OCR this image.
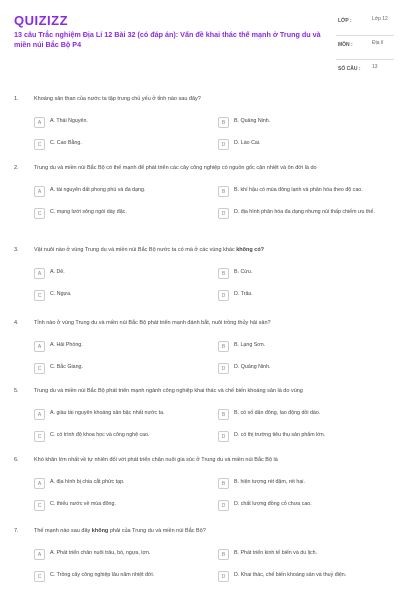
QUIZIZZ
13 câu Trắc nghiệm Địa Lí 12 Bài 32 (có đáp án): Vấn đề khai thác thế mạnh ở Trung du và miền núi Bắc Bộ P4
LỚP :	Lớp 12
MÔN :	Địa lí
SỐ CÂU : 13
1.	Khoáng sản than của nước ta tập trung chủ yếu ở tỉnh nào sau đây?
A	A. Thái Nguyên.	B	B. Quảng Ninh.
C	C. Cao Bằng.	D	D. Lào Cai.
2.	Trung du và miền núi Bắc Bộ có thế mạnh để phát triển các cây công nghiệp có nguồn gốc cận nhiệt và ôn đới là do
A	A. tài nguyên đất phong phú và đa dạng.	B	B. khí hậu có mùa đông lạnh và phân hóa theo độ cao.
C	C. mạng lưới sông ngòi dày đặc.	D	D. địa hình phân hóa đa dạng nhưng núi thấp chiếm ưu thế.
3.	Vật nuôi nào ở vùng Trung du và miền núi Bắc Bộ nước ta có mà ở các vùng khác không có?
A	A. Dê.	B	B. Cừu.
C	C. Ngựa.	D	D. Trâu.
4.	Tỉnh nào ở vùng Trung du và miền núi Bắc Bộ phát triển mạnh đánh bắt, nuôi trồng thủy hải sản?
A	A. Hải Phòng.	B	B. Lạng Sơn.
C	C. Bắc Giang.	D	D. Quảng Ninh.
5.	Trung du và miền núi Bắc Bộ phát triển mạnh ngành công nghiệp khai thác và chế biến khoáng sản là do vùng
A	A. giàu tài nguyên khoáng sản bậc nhất nước ta.	B	B. có số dân đông, lao động dồi dào.
C	C. có trình độ khoa học và công nghệ cao.	D	D. có thị trường tiêu thụ sản phẩm lớn.
6.	Khó khăn lớn nhất về tự nhiên đối với phát triển chăn nuôi gia súc ở Trung du và miền núi Bắc Bộ là
A	A. địa hình bị chia cắt phức tạp.	B	B. hiện tượng rét đậm, rét hại.
C	C. thiếu nước về mùa đông.	D	D. chất lượng đồng cỏ chưa cao.
7.	Thế mạnh nào sau đây không phải của Trung du và miền núi Bắc Bộ?
A	A. Phát triển chăn nuôi trâu, bò, ngựa, lợn.	B	B. Phát triển kinh tế biển và du lịch.
C	C. Trồng cây công nghiệp lâu năm nhiệt đới.	D	D. Khai thác, chế biến khoáng sản và thuỷ điện.
